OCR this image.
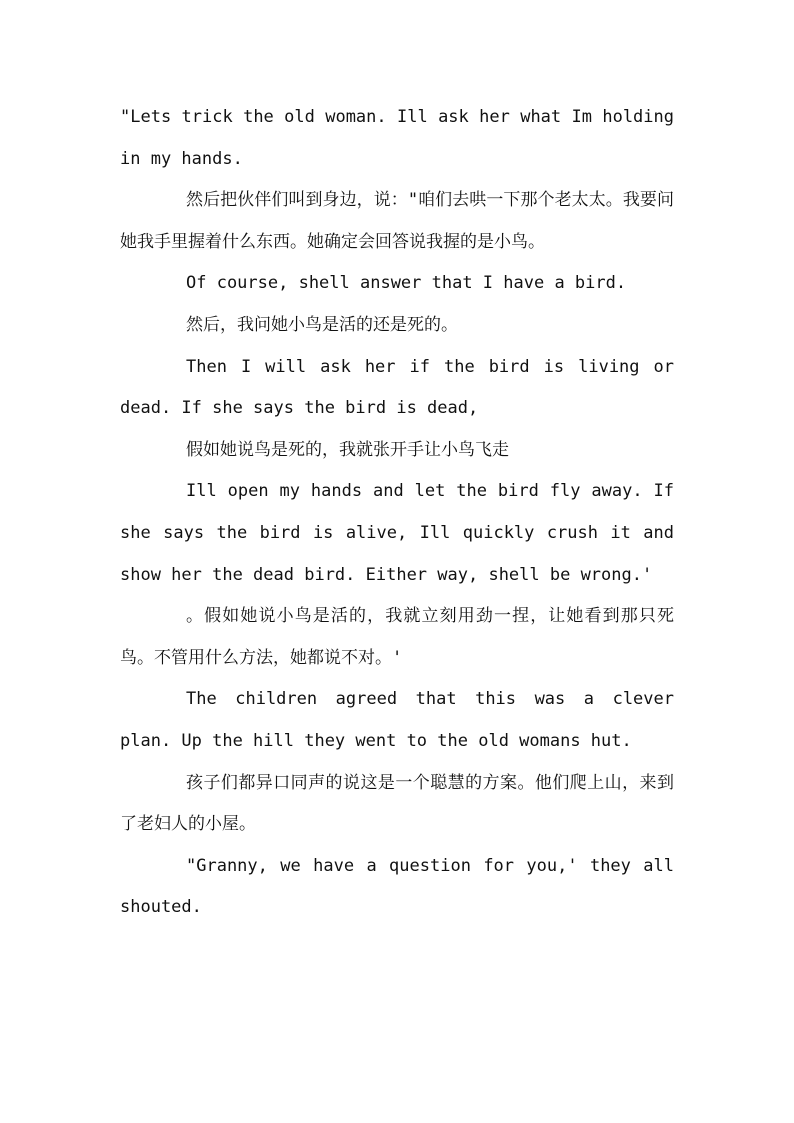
"Lets trick the old woman. Ill ask her what Im holding in my hands.

然后把伙伴们叫到身边，说："咱们去哄一下那个老太太。我要问她我手里握着什么东西。她确定会回答说我握的是小鸟。

Of course, shell answer that I have a bird.

然后，我问她小鸟是活的还是死的。

Then I will ask her if the bird is living or dead. If she says the bird is dead,

假如她说鸟是死的，我就张开手让小鸟飞走

Ill open my hands and let the bird fly away. If she says the bird is alive, Ill quickly crush it and show her the dead bird. Either way, shell be wrong.'

。假如她说小鸟是活的，我就立刻用劲一捏，让她看到那只死鸟。不管用什么方法，她都说不对。'

The children agreed that this was a clever plan. Up the hill they went to the old womans hut.

孩子们都异口同声的说这是一个聪慧的方案。他们爬上山，来到了老妇人的小屋。

"Granny, we have a question for you,' they all shouted.
